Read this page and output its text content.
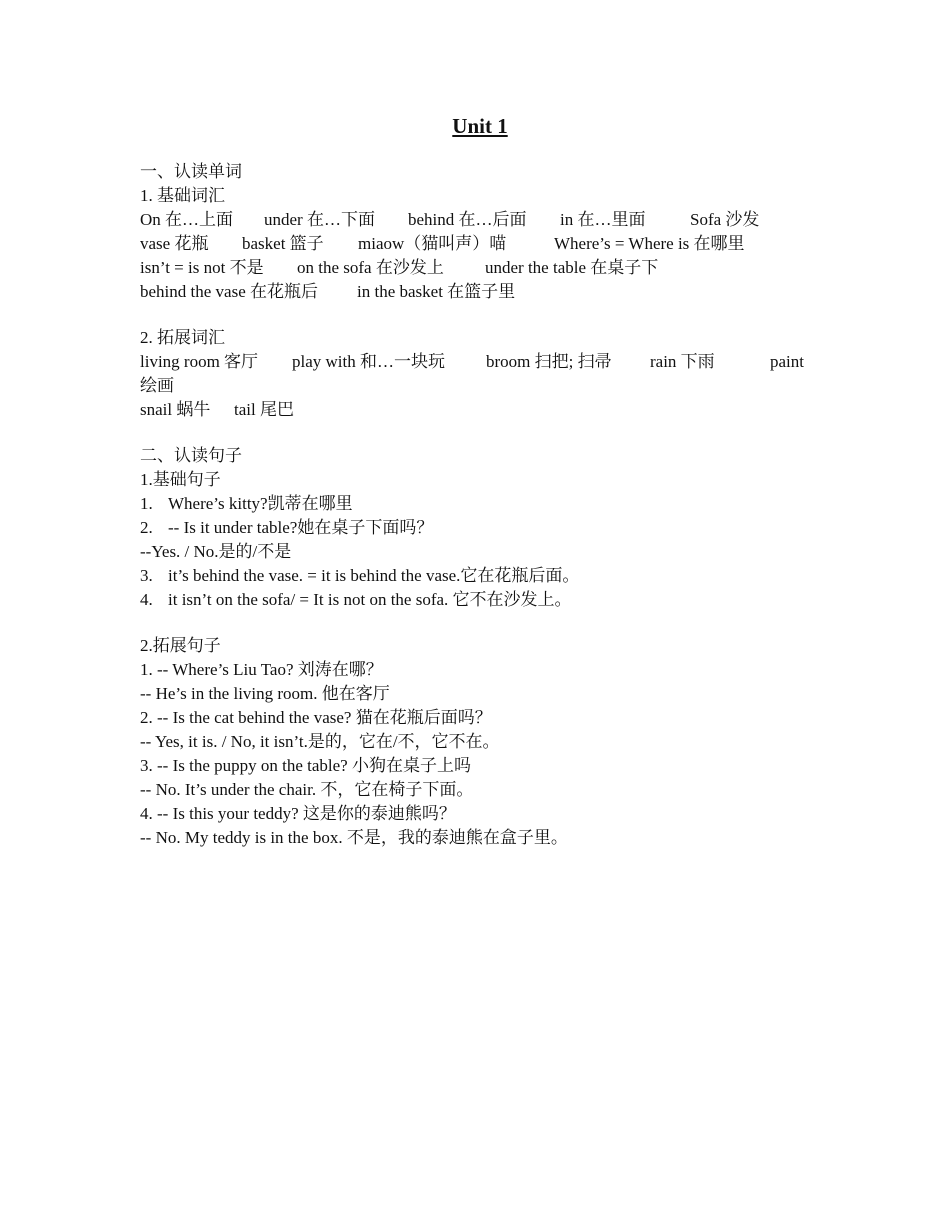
Unit 1
一、认读单词
1. 基础词汇
On 在…上面	under 在…下面	behind 在…后面	in 在…里面	Sofa 沙发
vase 花瓶	basket 篮子	miaow（猫叫声）喵	Where’s = Where is 在哪里
isn’t = is not 不是	on the sofa 在沙发上	under the table 在桌子下
behind the vase 在花瓶后	in the basket 在篮子里
2. 拓展词汇
living room 客厅	play with 和…一块玩	broom 扫把; 扫帚	rain 下雨	paint
绘画
snail 蜗牛	tail 尾巴
二、认读句子
1.基础句子
1. Where’s kitty?凯蒂在哪里
2. -- Is it under table?她在桌子下面吗？
--Yes. / No.是的/不是
3. it’s behind the vase. = it is behind the vase.它在花瓶后面。
4. it isn’t on the sofa/ = It is not on the sofa. 它不在沙发上。
2.拓展句子
1. -- Where’s Liu Tao? 刘涛在哪？
-- He’s in the living room. 他在客厅
2. -- Is the cat behind the vase? 猫在花瓶后面吗？
-- Yes, it is. / No, it isn’t.是的，它在/不，它不在。
3. -- Is the puppy on the table? 小狗在桌子上吗
-- No. It’s under the chair. 不，它在椅子下面。
4. -- Is this your teddy? 这是你的泰迪熊吗？
-- No. My teddy is in the box. 不是，我的泰迪熊在盒子里。
